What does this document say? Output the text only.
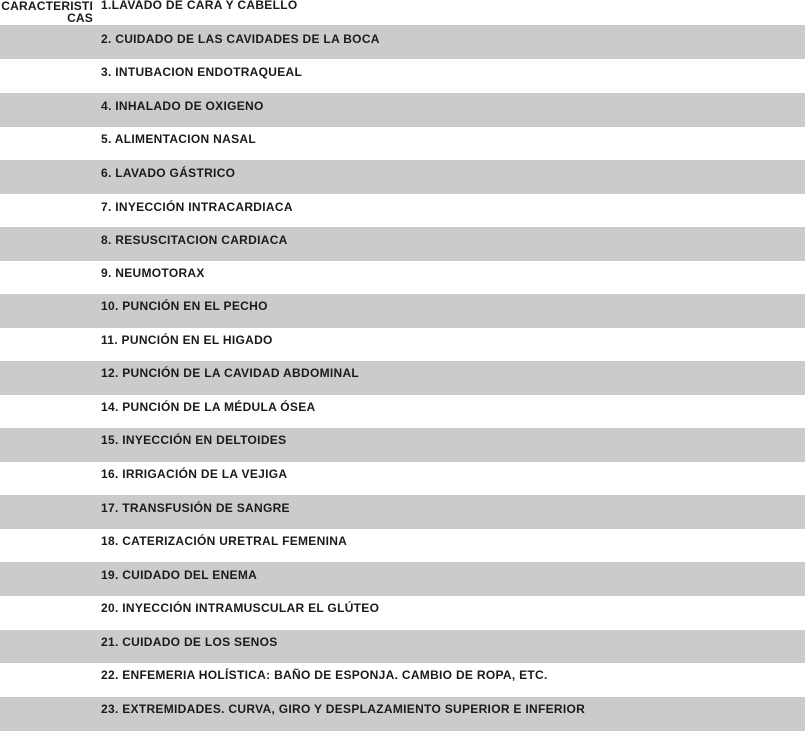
1.LAVADO DE CARA Y CABELLO
2. CUIDADO DE LAS CAVIDADES DE LA BOCA
3. INTUBACION ENDOTRAQUEAL
4. INHALADO DE OXIGENO
5. ALIMENTACION NASAL
6. LAVADO GÁSTRICO
7. INYECCIÓN INTRACARDIACA
8. RESUSCITACION CARDIACA
9. NEUMOTORAX
10. PUNCIÓN EN EL PECHO
11. PUNCIÓN EN EL HIGADO
12. PUNCIÓN DE LA CAVIDAD ABDOMINAL
14. PUNCIÓN DE LA MÉDULA ÓSEA
15. INYECCIÓN EN DELTOIDES
16. IRRIGACIÓN DE LA VEJIGA
17. TRANSFUSIÓN DE SANGRE
18. CATERIZACIÓN URETRAL FEMENINA
19. CUIDADO DEL ENEMA
20. INYECCIÓN INTRAMUSCULAR EL GLÚTEO
21. CUIDADO DE LOS SENOS
22. ENFEMERIA HOLÍSTICA: BAÑO DE ESPONJA. CAMBIO DE ROPA, ETC.
23. EXTREMIDADES. CURVA, GIRO Y DESPLAZAMIENTO SUPERIOR E INFERIOR
CARACTERISTICAS
